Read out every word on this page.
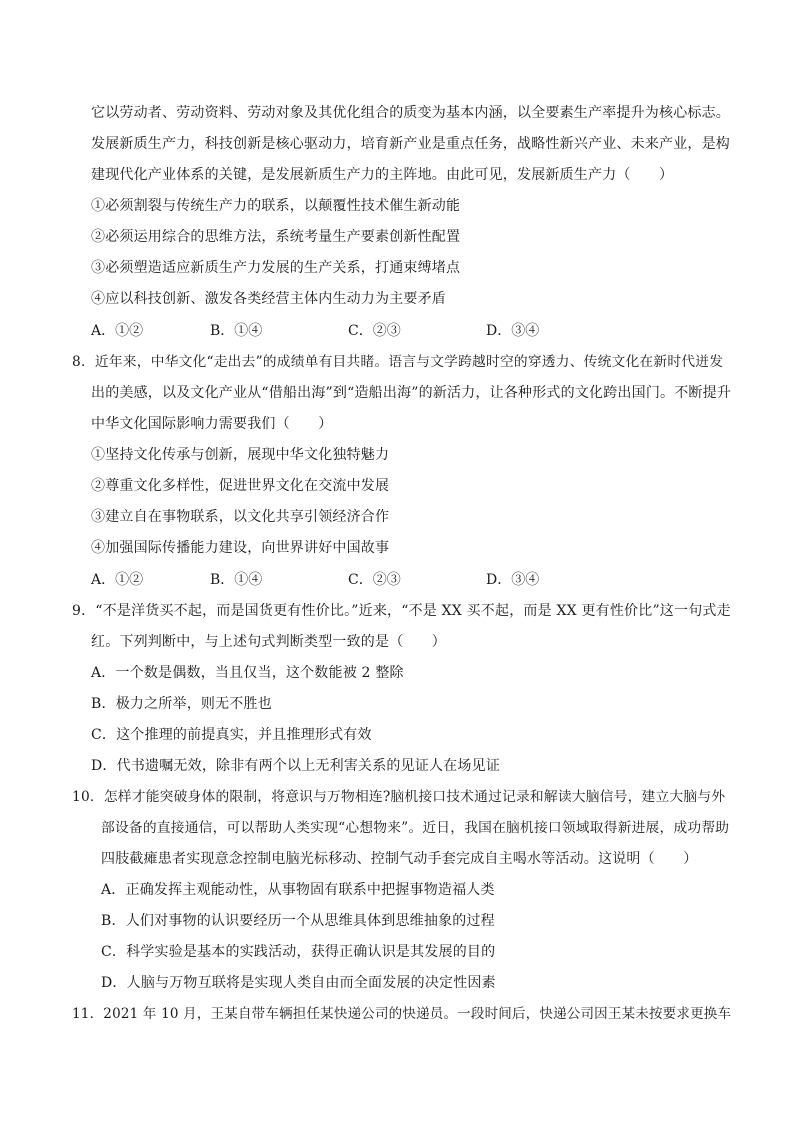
它以劳动者、劳动资料、劳动对象及其优化组合的质变为基本内涵，以全要素生产率提升为核心标志。
发展新质生产力，科技创新是核心驱动力，培育新产业是重点任务，战略性新兴产业、未来产业，是构
建现代化产业体系的关键，是发展新质生产力的主阵地。由此可见，发展新质生产力（　　）
①必须割裂与传统生产力的联系，以颠覆性技术催生新动能
②必须运用综合的思维方法，系统考量生产要素创新性配置
③必须塑造适应新质生产力发展的生产关系，打通束缚堵点
④应以科技创新、激发各类经营主体内生动力为主要矛盾
A．①②	B．①④	C．②③	D．③④
8．近年来，中华文化“走出去”的成绩单有目共睹。语言与文学跨越时空的穿透力、传统文化在新时代迸发
出的美感，以及文化产业从“借船出海”到“造船出海”的新活力，让各种形式的文化跨出国门。不断提升
中华文化国际影响力需要我们（　　）
①坚持文化传承与创新，展现中华文化独特魅力
②尊重文化多样性，促进世界文化在交流中发展
③建立自在事物联系，以文化共享引领经济合作
④加强国际传播能力建设，向世界讲好中国故事
A．①②	B．①④	C．②③	D．③④
9．“不是洋货买不起，而是国货更有性价比。”近来，“不是 XX 买不起，而是 XX 更有性价比”这一句式走
红。下列判断中，与上述句式判断类型一致的是（　　）
A．一个数是偶数，当且仅当，这个数能被 2 整除
B．极力之所举，则无不胜也
C．这个推理的前提真实，并且推理形式有效
D．代书遗嘱无效，除非有两个以上无利害关系的见证人在场见证
10．怎样才能突破身体的限制，将意识与万物相连?脑机接口技术通过记录和解读大脑信号，建立大脑与外
部设备的直接通信，可以帮助人类实现“心想物来”。近日，我国在脑机接口领域取得新进展，成功帮助
四肢截瘫患者实现意念控制电脑光标移动、控制气动手套完成自主喝水等活动。这说明（　　）
A．正确发挥主观能动性，从事物固有联系中把握事物造福人类
B．人们对事物的认识要经历一个从思维具体到思维抽象的过程
C．科学实验是基本的实践活动，获得正确认识是其发展的目的
D．人脑与万物互联将是实现人类自由而全面发展的决定性因素
11．2021 年 10 月，王某自带车辆担任某快递公司的快递员。一段时间后，快递公司因王某未按要求更换车
